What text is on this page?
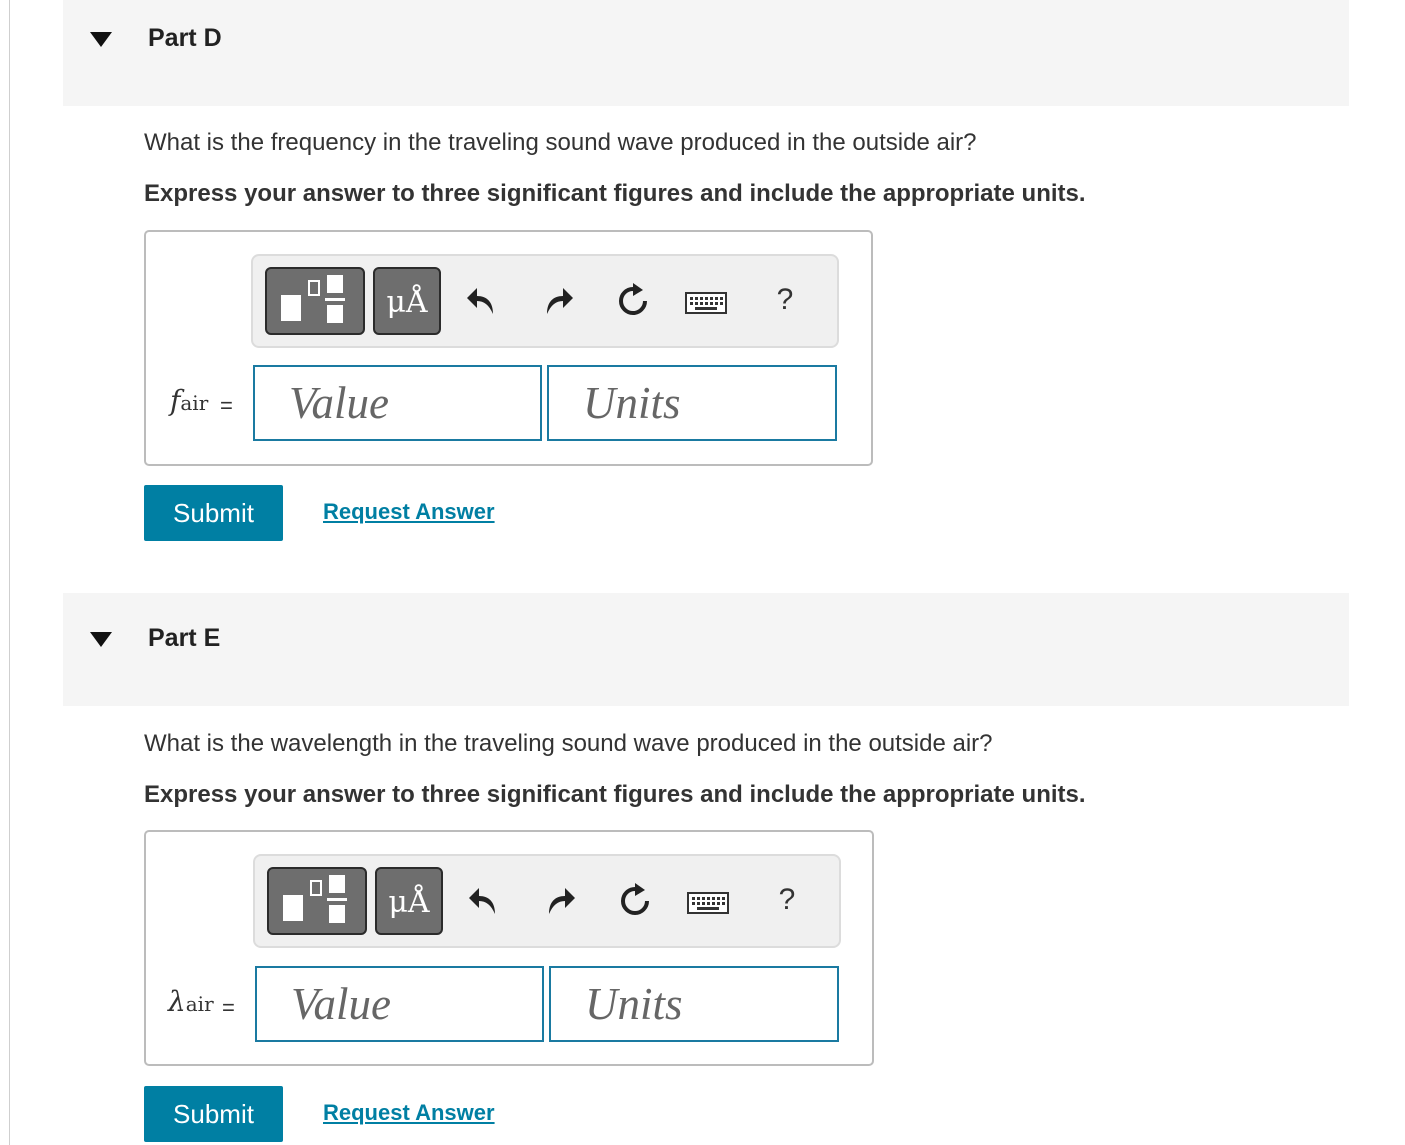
Part D
What is the frequency in the traveling sound wave produced in the outside air?
Express your answer to three significant figures and include the appropriate units.
μÅ	?
fair =
Value
Units
Submit	Request Answer
Part E
What is the wavelength in the traveling sound wave produced in the outside air?
Express your answer to three significant figures and include the appropriate units.
μÅ	?
λair =
Value
Units
Submit	Request Answer
